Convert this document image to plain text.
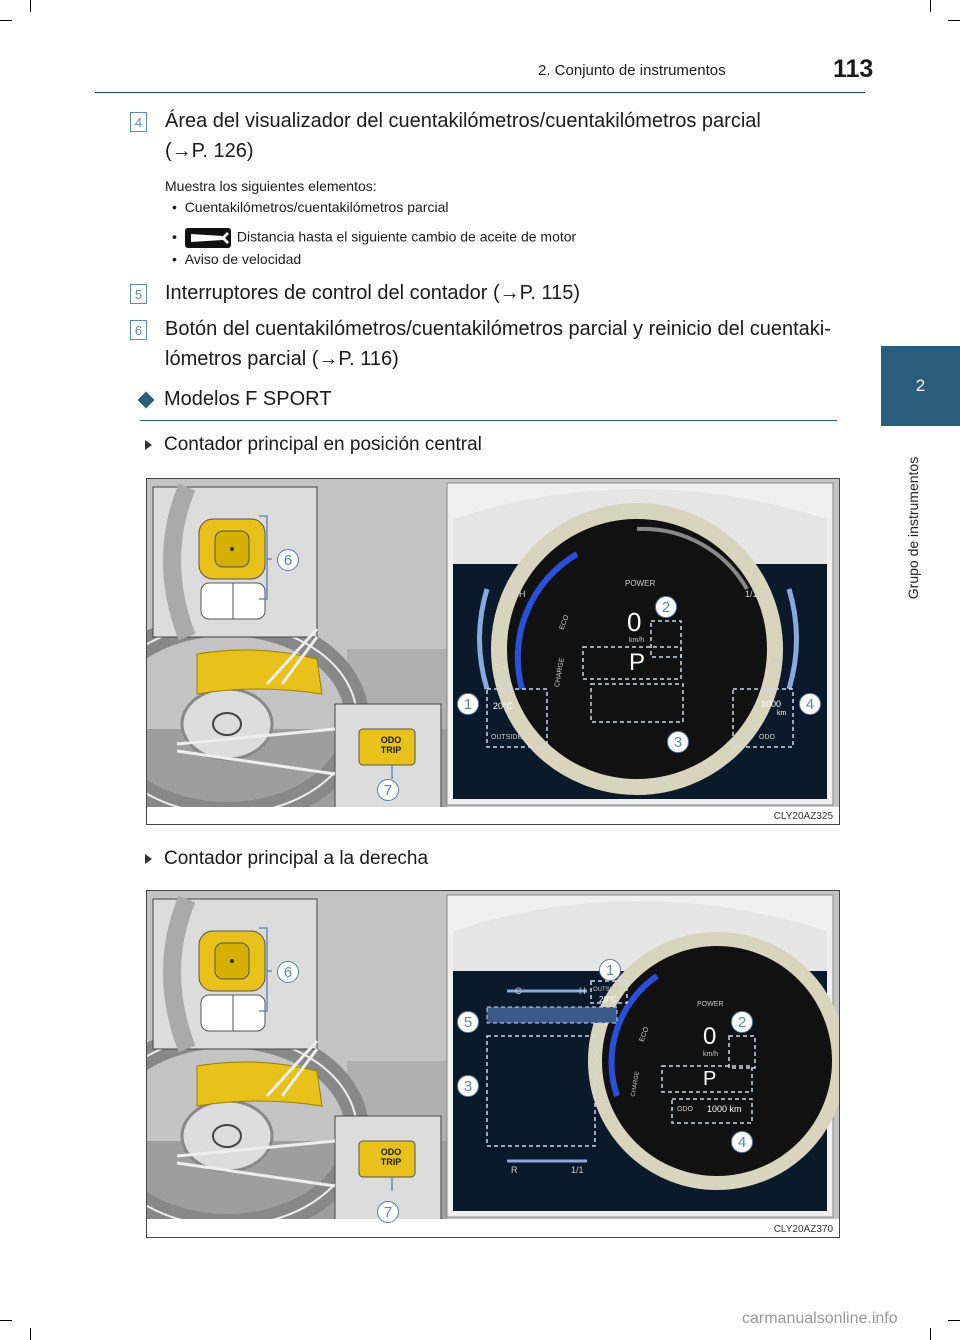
2. Conjunto de instrumentos	113
2
Grupo de instrumentos
4 Área del visualizador del cuentakilómetros/cuentakilómetros parcial
(→P. 126)
Muestra los siguientes elementos:
•  Cuentakilómetros/cuentakilómetros parcial
•	Distancia hasta el siguiente cambio de aceite de motor
•  Aviso de velocidad
5 Interruptores de control del contador (→P. 115)
6 Botón del cuentakilómetros/cuentakilómetros parcial y reinicio del cuentaki-
lómetros parcial (→P. 116)
Modelos F SPORT
Contador principal en posición central
ODO
TRIP
POWER
ECO
CHARGE
0
km/h
P
H
C
1/1
R
20°C
OUTSIDE
1000
km
ODO
6
7
2
1
3
4
CLY20AZ325
Contador principal a la derecha
ODO
TRIP
POWER
ECO
CHARGE
0
km/h
P
ODO 1000 km
C	H OUTSIDE
20°C
R	1/1
6
7
1
5
3
2
4
CLY20AZ370
carmanualsonline.info
